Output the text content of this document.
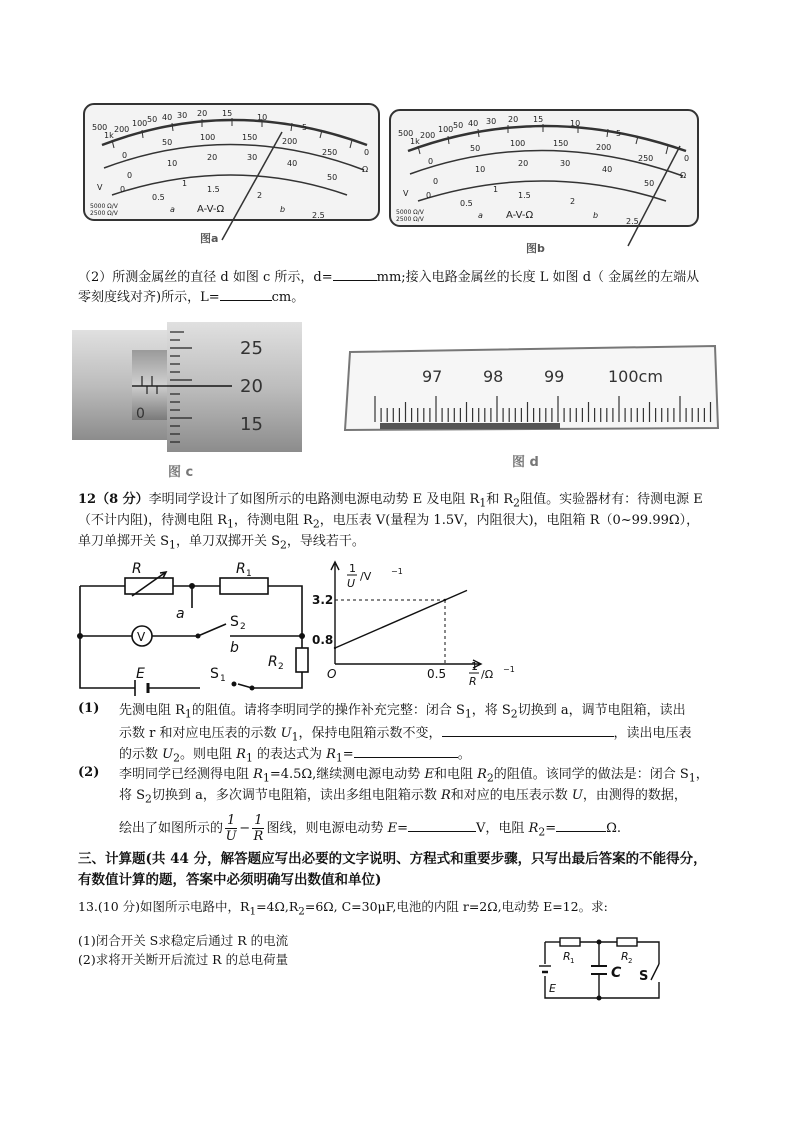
500
1k
200
100 50 40 30 20 15	10
5
0
Ω
0
50
100	150	200
250
0
10
20	30
40
50
0
0.5
1
1.5
2
2.5
V
A-V-Ω
a	b
5000 Ω/V
2500 Ω/V
图a
500
1k
200
100 50 40 30 20 15	10
5
0
Ω
0
50
100	150	200
250
0
10
20	30
40
50
0
0.5
1
1.5
2
2.5
V
A-V-Ω
a	b
5000 Ω/V
2500 Ω/V
图b
（2）所测金属丝的直径 d 如图 c 所示，d=	mm;接入电路金属丝的长度 L 如图 d（ 金属丝的左端从
零刻度线对齐)所示，L=	cm。
25
20
15
0
图 c
97	98	99	100cm
图 d
12（8 分）李明同学设计了如图所示的电路测电源电动势 E 及电阻 $R_1$和 $R_2$阻值。实验器材有：待测电源 E
（不计内阻)，待测电阻 $R_1$，待测电阻 $R_2$，电压表 V(量程为 1.5V，内阻很大)，电阻箱 R（0~99.99Ω），
单刀单掷开关 $S_1$，单刀双掷开关 $S_2$，导线若干。
R	R 1
a	S 2
b
V
R 2
E	S 1
1
U
/V −1
3.2
0.8
O	0.5
1
R
/Ω −1
(1) 先测电阻 $R_1$的阻值。请将李明同学的操作补充完整：闭合 $S_1$，将 $S_2$切换到 a，调节电阻箱，读出
示数 r 和对应电压表的示数 $U_1$，保持电阻箱示数不变，	，读出电压表
的示数 $U_2$。则电阻 $R_1$ 的表达式为 $R_1=$	。
(2) 李明同学已经测得电阻 $R_1=4.5\Omega$,继续测电源电动势 E和电阻 $R_2$的阻值。该同学的做法是：闭合 $S_1$，
将 $S_2$切换到 a，多次调节电阻箱，读出多组电阻箱示数 R和对应的电压表示数 U，由测得的数据，
绘出了如图所示的 $\frac{1}{U} - \frac{1}{R}$ 图线，则电源电动势 E=	V，电阻 $R_2=$	Ω.
三、计算题(共 44 分，解答题应写出必要的文字说明、方程式和重要步骤，只写出最后答案的不能得分，
有数值计算的题，答案中必须明确写出数值和单位)
13.(10 分)如图所示电路中，$R_1=4\Omega,R_2=6\Omega$, C=30μF,电池的内阻 r=2Ω,电动势 E=12。求:
(1)闭合开关 S求稳定后通过 R 的电流
(2)求将开关断开后流过 R 的总电荷量	R 1	R 2
C S
E
